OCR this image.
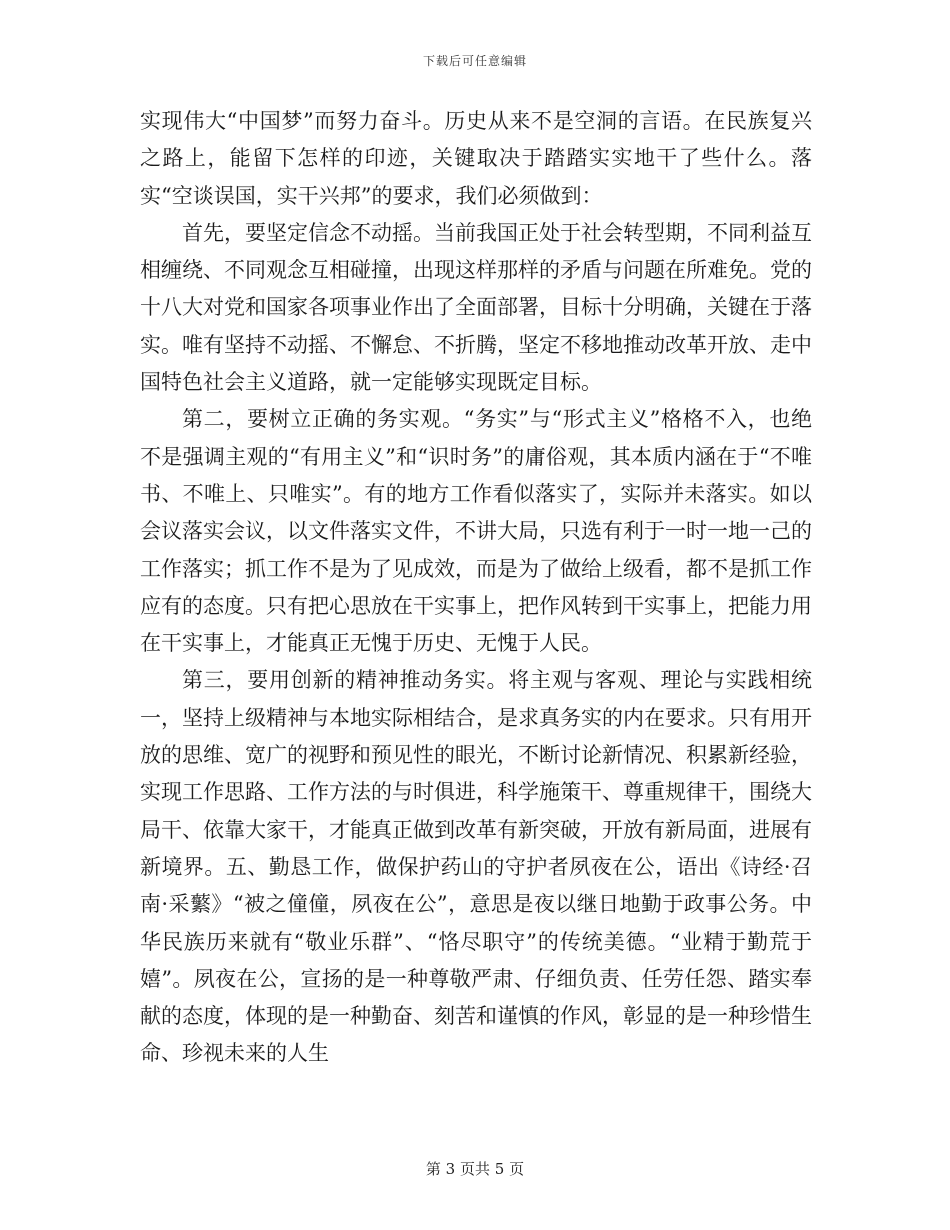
下载后可任意编辑

实现伟大“中国梦”而努力奋斗。历史从来不是空洞的言语。在民族复兴之路上，能留下怎样的印迹，关键取决于踏踏实实地干了些什么。落实“空谈误国，实干兴邦”的要求，我们必须做到：

首先，要坚定信念不动摇。当前我国正处于社会转型期，不同利益互相缠绕、不同观念互相碰撞，出现这样那样的矛盾与问题在所难免。党的十八大对党和国家各项事业作出了全面部署，目标十分明确，关键在于落实。唯有坚持不动摇、不懈怠、不折腾，坚定不移地推动改革开放、走中国特色社会主义道路，就一定能够实现既定目标。

第二，要树立正确的务实观。“务实”与“形式主义”格格不入，也绝不是强调主观的“有用主义”和“识时务”的庸俗观，其本质内涵在于“不唯书、不唯上、只唯实”。有的地方工作看似落实了，实际并未落实。如以会议落实会议，以文件落实文件，不讲大局，只选有利于一时一地一己的工作落实；抓工作不是为了见成效，而是为了做给上级看，都不是抓工作应有的态度。只有把心思放在干实事上，把作风转到干实事上，把能力用在干实事上，才能真正无愧于历史、无愧于人民。

第三，要用创新的精神推动务实。将主观与客观、理论与实践相统一，坚持上级精神与本地实际相结合，是求真务实的内在要求。只有用开放的思维、宽广的视野和预见性的眼光，不断讨论新情况、积累新经验，实现工作思路、工作方法的与时俱进，科学施策干、尊重规律干，围绕大局干、依靠大家干，才能真正做到改革有新突破，开放有新局面，进展有新境界。五、勤恳工作，做保护药山的守护者夙夜在公，语出《诗经·召南·采蘩》“被之僮僮，夙夜在公”，意思是夜以继日地勤于政事公务。中华民族历来就有“敬业乐群”、“恪尽职守”的传统美德。“业精于勤荒于嬉”。夙夜在公，宣扬的是一种尊敬严肃、仔细负责、任劳任怨、踏实奉献的态度，体现的是一种勤奋、刻苦和谨慎的作风，彰显的是一种珍惜生命、珍视未来的人生

第 3 页共 5 页
